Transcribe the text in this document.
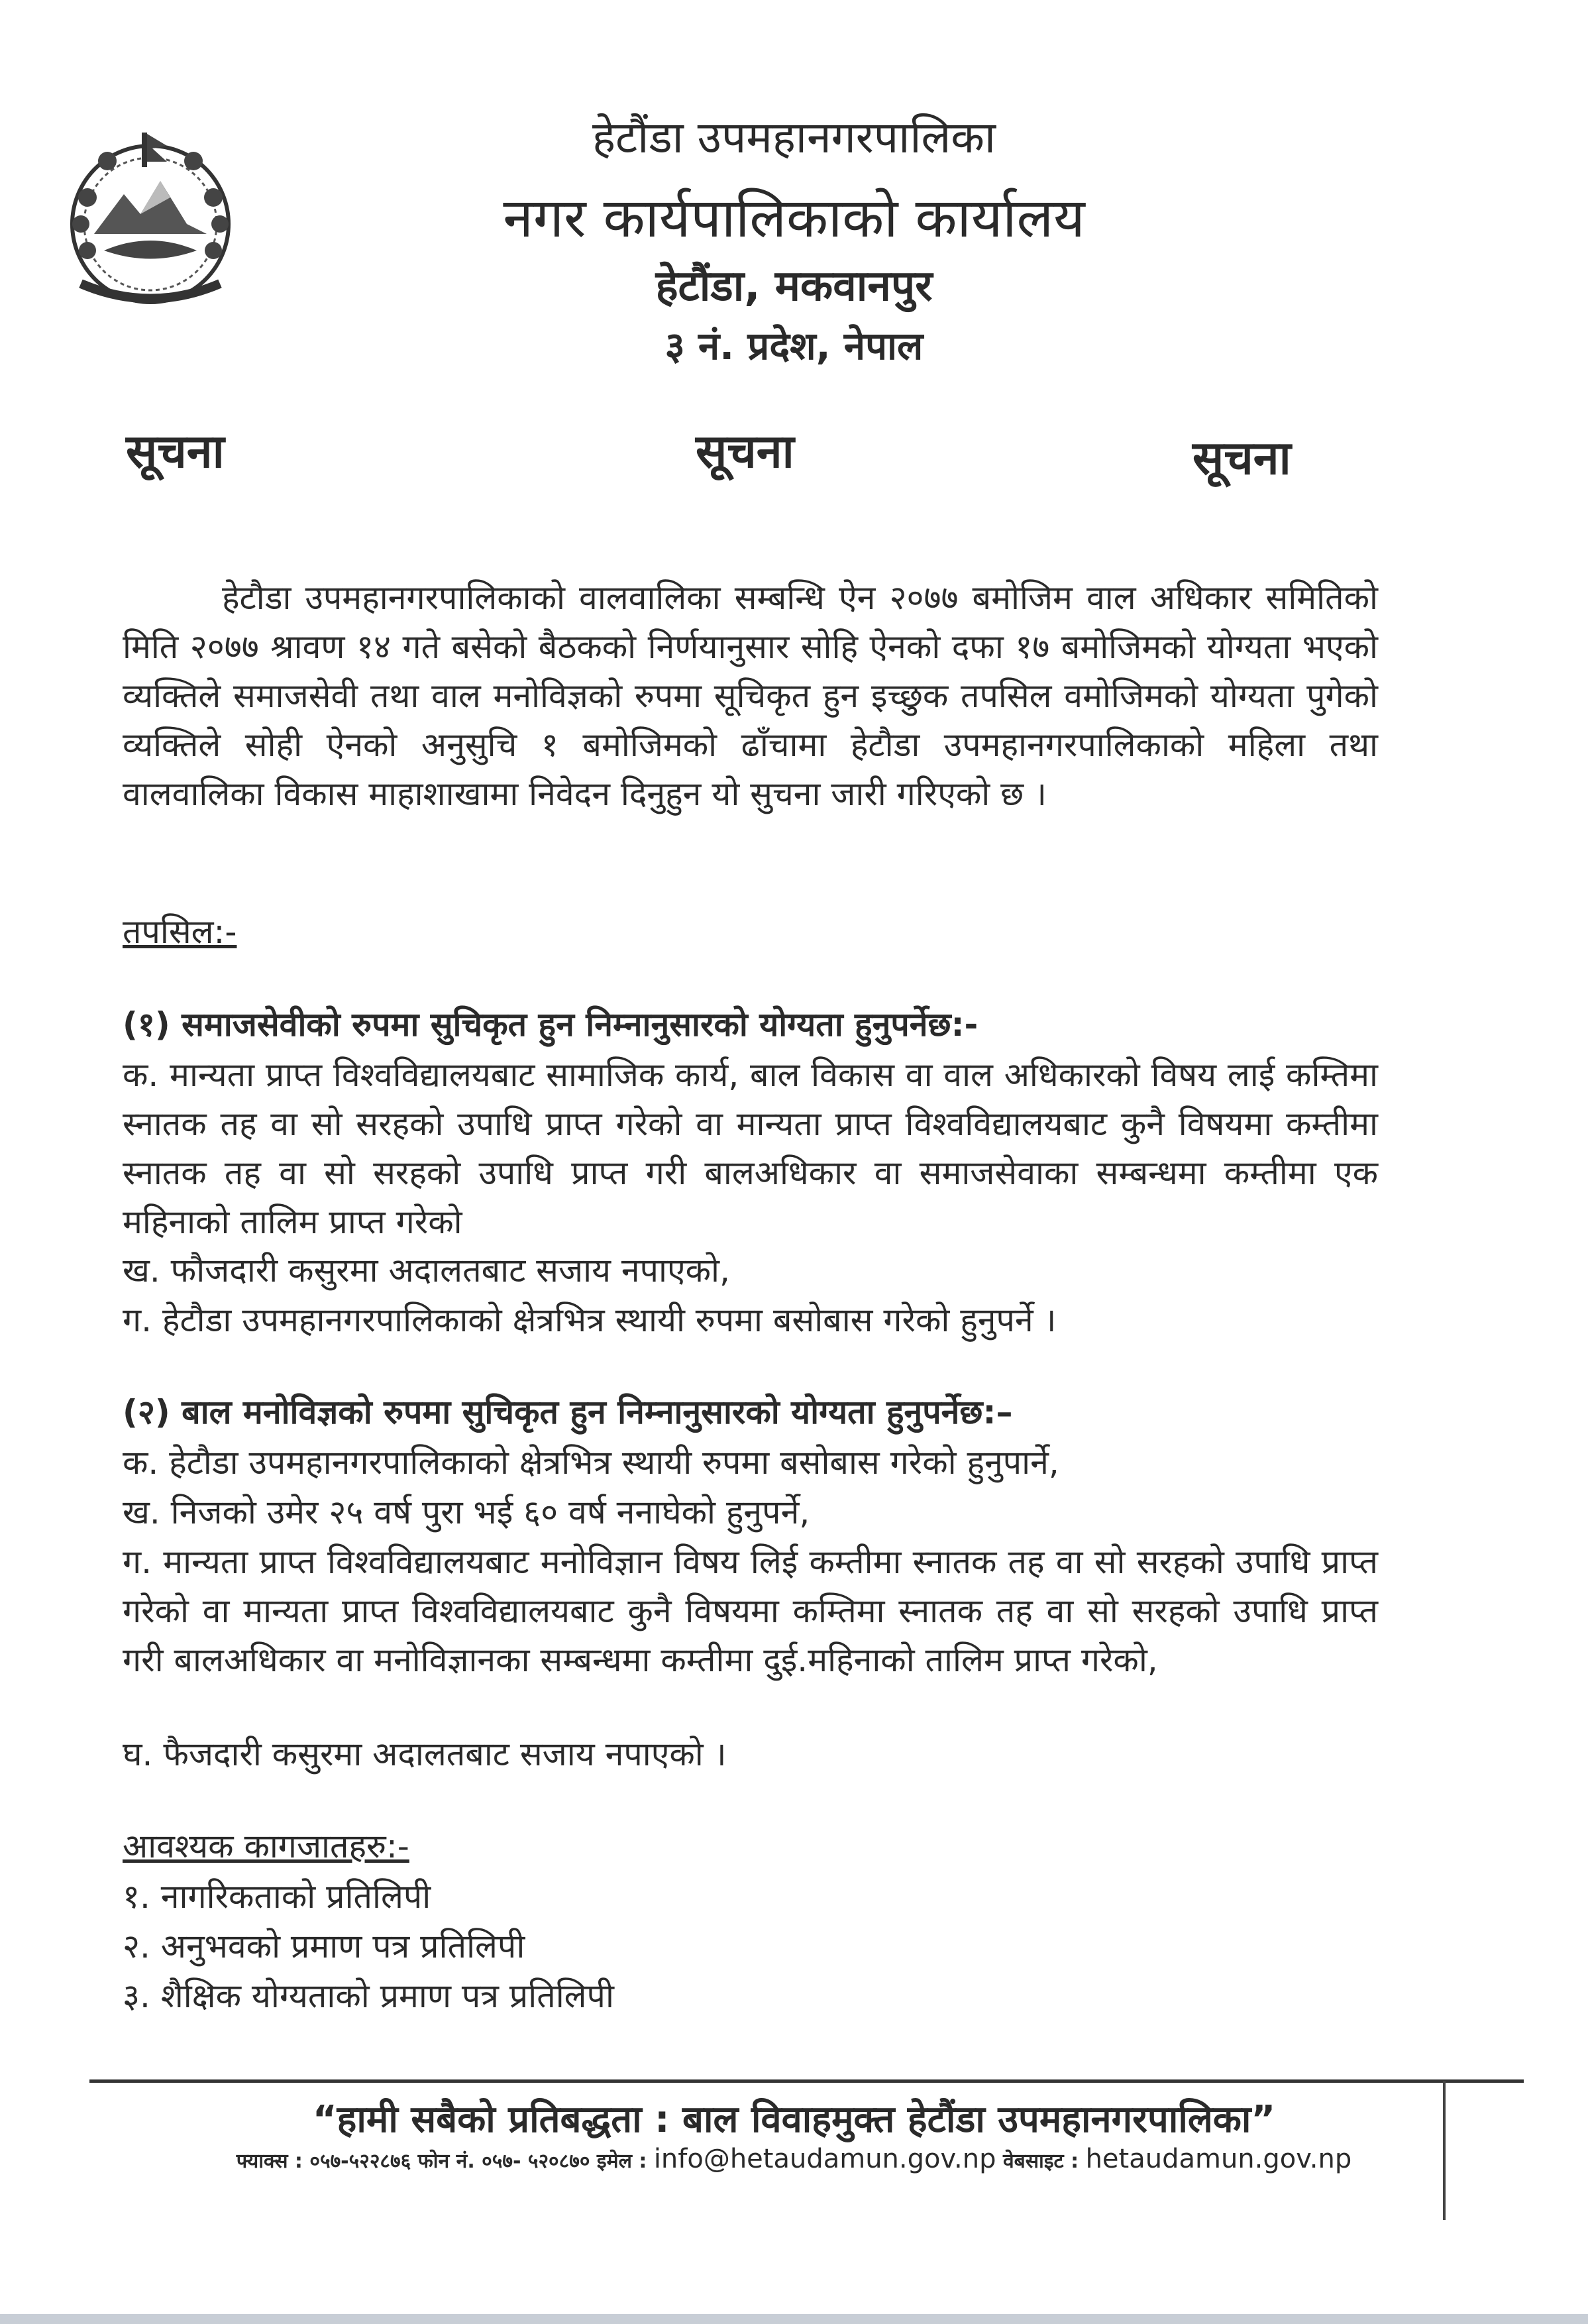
हेटौंडा उपमहानगरपालिका
नगर कार्यपालिकाको कार्यालय
हेटौंडा, मकवानपुर
३ नं. प्रदेश, नेपाल
सूचना	सूचना	सूचना
हेटौडा उपमहानगरपालिकाको वालवालिका सम्बन्धि ऐन २०७७ बमोजिम वाल अधिकार समितिको मिति २०७७ श्रावण १४ गते बसेको बैठकको निर्णयानुसार सोहि ऐनको दफा १७ बमोजिमको योग्यता भएको व्यक्तिले समाजसेवी तथा वाल मनोविज्ञको रुपमा सूचिकृत हुन इच्छुक तपसिल वमोजिमको योग्यता पुगेको व्यक्तिले सोही ऐनको अनुसुचि १ बमोजिमको ढाँचामा हेटौडा उपमहानगरपालिकाको महिला तथा वालवालिका विकास माहाशाखामा निवेदन दिनुहुन यो सुचना जारी गरिएको छ ।
तपसिल:-
(१) समाजसेवीको रुपमा सुचिकृत हुन निम्नानुसारको योग्यता हुनुपर्नेछ:-
क. मान्यता प्राप्त विश्वविद्यालयबाट सामाजिक कार्य, बाल विकास वा वाल अधिकारको विषय लाई कम्तिमा स्नातक तह वा सो सरहको उपाधि प्राप्त गरेको वा मान्यता प्राप्त विश्वविद्यालयबाट कुनै विषयमा कम्तीमा स्नातक तह वा सो सरहको उपाधि प्राप्त गरी बालअधिकार वा समाजसेवाका सम्बन्धमा कम्तीमा एक महिनाको तालिम प्राप्त गरेको
ख. फौजदारी कसुरमा अदालतबाट सजाय नपाएको,
ग. हेटौडा उपमहानगरपालिकाको क्षेत्रभित्र स्थायी रुपमा बसोबास गरेको हुनुपर्ने ।
(२) बाल मनोविज्ञको रुपमा सुचिकृत हुन निम्नानुसारको योग्यता हुनुपर्नेछ:–
क. हेटौडा उपमहानगरपालिकाको क्षेत्रभित्र स्थायी रुपमा बसोबास गरेको हुनुपार्ने,
ख. निजको उमेर २५ वर्ष पुरा भई ६० वर्ष ननाघेको हुनुपर्ने,
ग. मान्यता प्राप्त विश्वविद्यालयबाट मनोविज्ञान विषय लिई कम्तीमा स्नातक तह वा सो सरहको उपाधि प्राप्त गरेको वा मान्यता प्राप्त विश्वविद्यालयबाट कुनै विषयमा कम्तिमा स्नातक तह वा सो सरहको उपाधि प्राप्त गरी बालअधिकार वा मनोविज्ञानका सम्बन्धमा कम्तीमा दुई.महिनाको तालिम प्राप्त गरेको,
घ. फैजदारी कसुरमा अदालतबाट सजाय नपाएको ।
आवश्यक कागजातहरु:-
१. नागरिकताको प्रतिलिपी
२. अनुभवको प्रमाण पत्र प्रतिलिपी
३. शैक्षिक योग्यताको प्रमाण पत्र प्रतिलिपी
“हामी सबैको प्रतिबद्धता : बाल विवाहमुक्त हेटौंडा उपमहानगरपालिका”
फ्याक्स : ०५७-५२२८७६ फोन नं. ०५७- ५२०८७० इमेल : info@hetaudamun.gov.np वेबसाइट : hetaudamun.gov.np
